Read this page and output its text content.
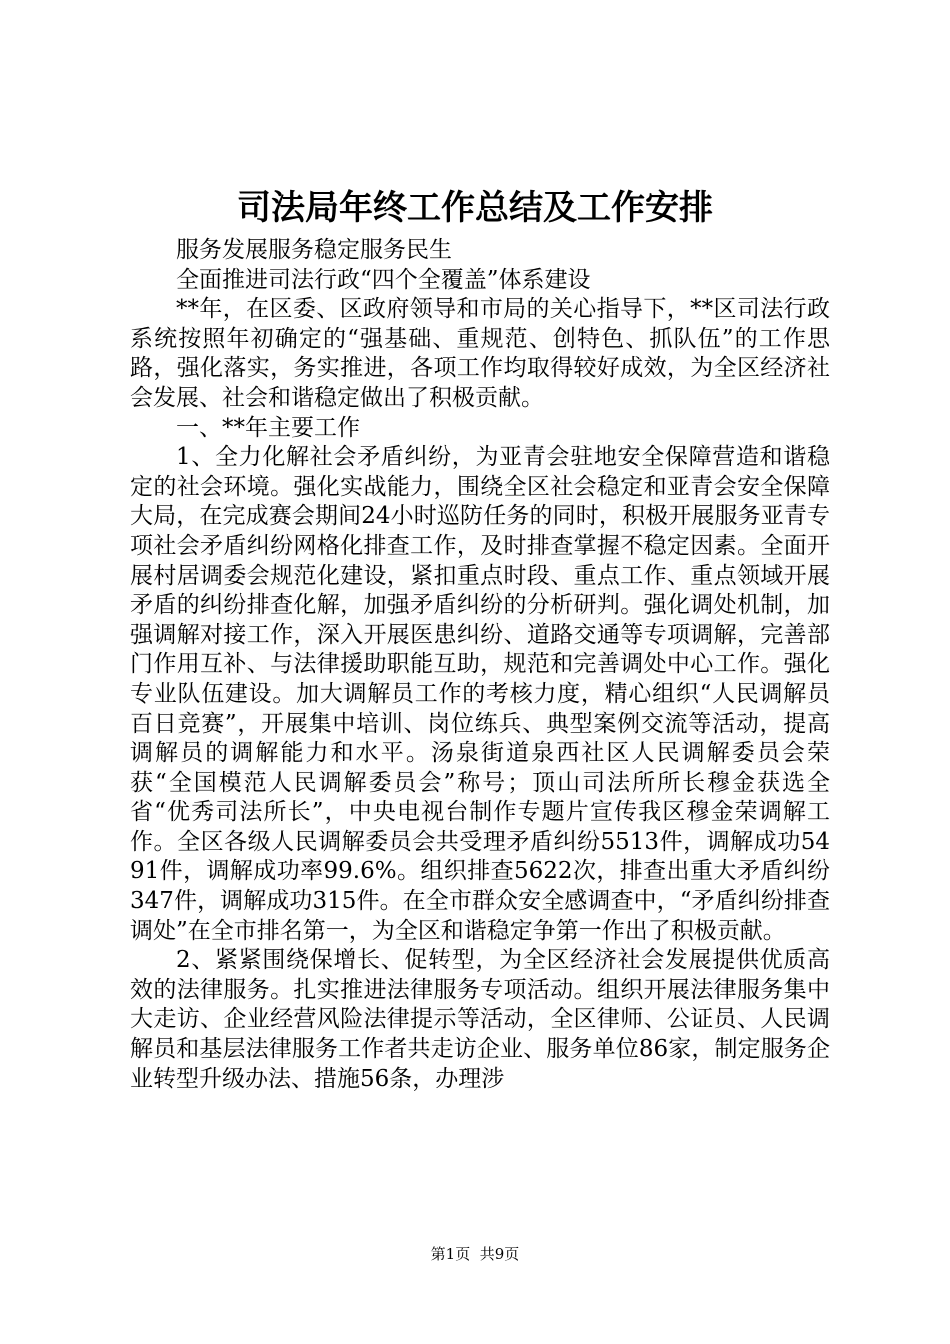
司法局年终工作总结及工作安排

服务发展服务稳定服务民生

全面推进司法行政“四个全覆盖”体系建设

**年，在区委、区政府领导和市局的关心指导下，**区司法行政系统按照年初确定的“强基础、重规范、创特色、抓队伍”的工作思路，强化落实，务实推进，各项工作均取得较好成效，为全区经济社会发展、社会和谐稳定做出了积极贡献。

一、**年主要工作

1、全力化解社会矛盾纠纷，为亚青会驻地安全保障营造和谐稳定的社会环境。强化实战能力，围绕全区社会稳定和亚青会安全保障大局，在完成赛会期间24小时巡防任务的同时，积极开展服务亚青专项社会矛盾纠纷网格化排查工作，及时排查掌握不稳定因素。全面开展村居调委会规范化建设，紧扣重点时段、重点工作、重点领域开展矛盾的纠纷排查化解，加强矛盾纠纷的分析研判。强化调处机制，加强调解对接工作，深入开展医患纠纷、道路交通等专项调解，完善部门作用互补、与法律援助职能互助，规范和完善调处中心工作。强化专业队伍建设。加大调解员工作的考核力度，精心组织“人民调解员百日竞赛”，开展集中培训、岗位练兵、典型案例交流等活动，提高调解员的调解能力和水平。汤泉街道泉西社区人民调解委员会荣获“全国模范人民调解委员会”称号；顶山司法所所长穆金获选全省“优秀司法所长”，中央电视台制作专题片宣传我区穆金荣调解工作。全区各级人民调解委员会共受理矛盾纠纷5513件，调解成功5491件，调解成功率99.6%。组织排查5622次，排查出重大矛盾纠纷347件，调解成功315件。在全市群众安全感调查中，“矛盾纠纷排查调处”在全市排名第一，为全区和谐稳定争第一作出了积极贡献。

2、紧紧围绕保增长、促转型，为全区经济社会发展提供优质高效的法律服务。扎实推进法律服务专项活动。组织开展法律服务集中大走访、企业经营风险法律提示等活动，全区律师、公证员、人民调解员和基层法律服务工作者共走访企业、服务单位86家，制定服务企业转型升级办法、措施56条，办理涉

第1页 共9页
